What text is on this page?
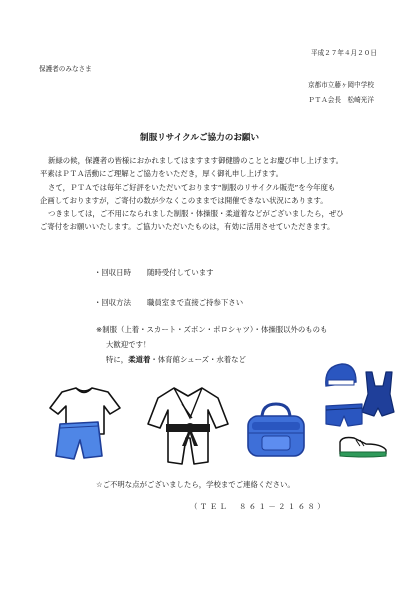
平成２７年４月２０日
保護者のみなさま
京都市立藤ヶ岡中学校
ＰＴＡ会長　松崎光洋
制服リサイクルご協力のお願い
新緑の候，保護者の皆様におかれましてはますます御健勝のこととお慶び申し上げます。
平素はＰＴＡ活動にご理解とご協力をいただき，厚く御礼申し上げます。
さて，ＰＴＡでは毎年ご好評をいただいております“制服のリサイクル販売”を今年度も
企画しておりますが，ご寄付の数が少なくこのままでは開催できない状況にあります。
つきましては，ご不用になられました制服・体操服・柔道着などがございましたら，ぜひ
ご寄付をお願いいたします。ご協力いただいたものは，有効に活用させていただきます。
・回収日時 随時受付しています
・回収方法 職員室まで直接ご持参下さい
※制服（上着・スカート・ズボン・ポロシャツ）・体操服以外のものも
大歓迎です！
特に，柔道着・体育館シューズ・水着など
☆ご不明な点がございましたら，学校までご連絡ください。
（ＴＥＬ　８６１－２１６８）
